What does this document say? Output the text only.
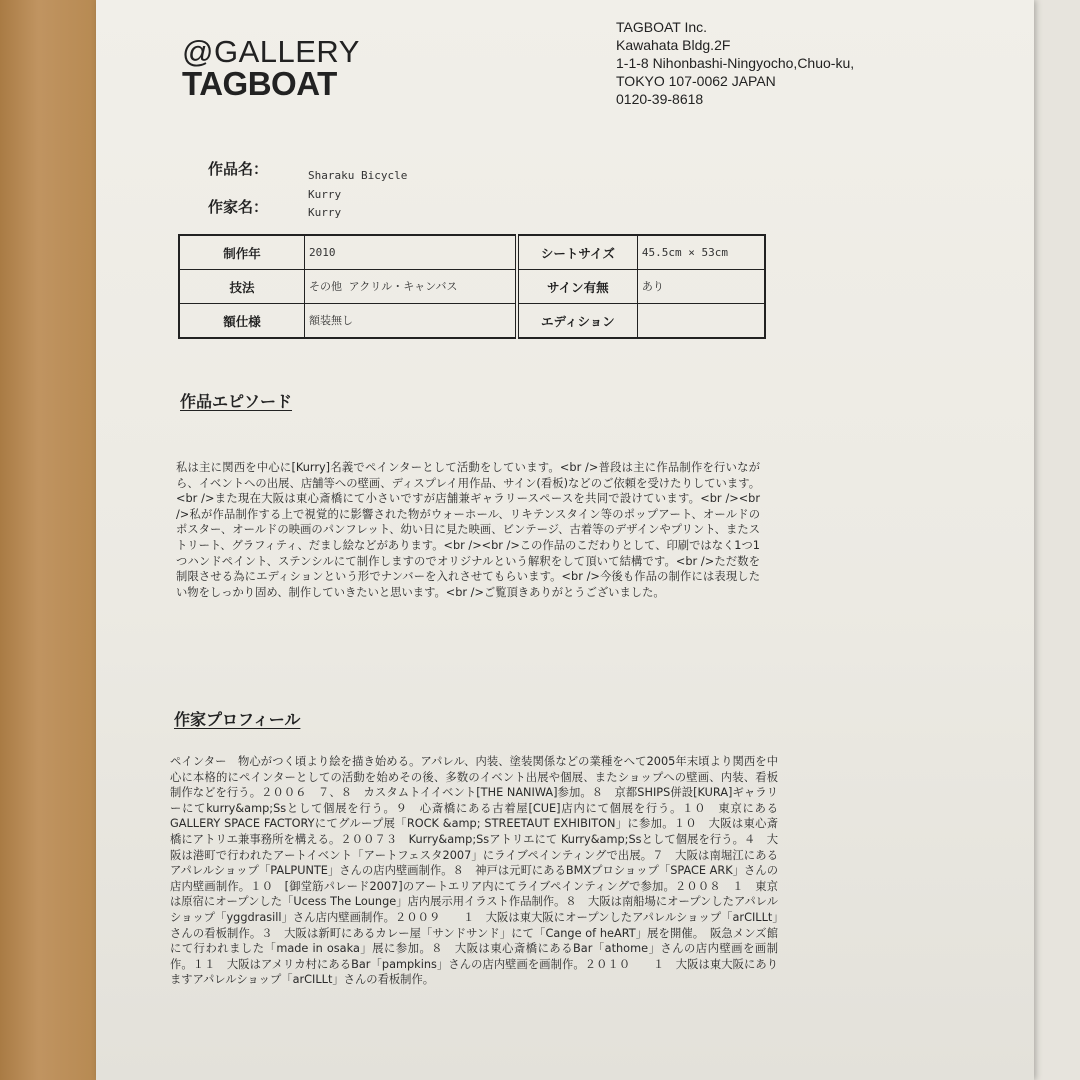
@GALLERY
TAGBOAT
TAGBOAT Inc.
Kawahata Bldg.2F
1-1-8 Nihonbashi-Ningyocho,Chuo-ku,
TOKYO 107-0062 JAPAN
0120-39-8618
作品名：	Sharaku Bicycle
作家名：
Kurry
Kurry
制作年	2010	シートサイズ	45.5cm × 53cm
技法	その他 アクリル・キャンバス	サイン有無	あり
額仕様	額装無し	エディション	
作品エピソード
私は主に関西を中心に[Kurry]名義でペインターとして活動をしています。<br />普段は主に作品制作を行いながら、イベントへの出展、店舗等への壁画、ディスプレイ用作品、サイン(看板)などのご依頼を受けたりしています。<br />また現在大阪は東心斎橋にて小さいですが店舗兼ギャラリースペースを共同で設けています。<br /><br />私が作品制作する上で視覚的に影響された物がウォーホール、リキテンスタイン等のポップアート、オールドのポスター、オールドの映画のパンフレット、幼い日に見た映画、ビンテージ、古着等のデザインやプリント、またストリート、グラフィティ、だまし絵などがあります。<br /><br />この作品のこだわりとして、印刷ではなく1つ1つハンドペイント、ステンシルにて制作しますのでオリジナルという解釈をして頂いて結構です。<br />ただ数を制限させる為にエディションという形でナンバーを入れさせてもらいます。<br />今後も作品の制作には表現したい物をしっかり固め、制作していきたいと思います。<br />ご覧頂きありがとうございました。
作家プロフィール
ペインター　物心がつく頃より絵を描き始める。アパレル、内装、塗装関係などの業種をへて2005年末頃より関西を中心に本格的にペインターとしての活動を始めその後、多数のイベント出展や個展、またショップへの壁画、内装、看板制作などを行う。２００６　７、８　カスタムトイイベント[THE NANIWA]参加。８　京都SHIPS併設[KURA]ギャラリーにてkurry&amp;Ssとして個展を行う。９　心斎橋にある古着屋[CUE]店内にて個展を行う。１０　東京にあるGALLERY SPACE FACTORYにてグループ展「ROCK &amp; STREETAUT EXHIBITON」に参加。１０　大阪は東心斎橋にアトリエ兼事務所を構える。２００７３　Kurry&amp;Ssアトリエにて Kurry&amp;Ssとして個展を行う。４　大阪は港町で行われたアートイベント「アートフェスタ2007」にライブペインティングで出展。７　大阪は南堀江にあるアパレルショップ「PALPUNTE」さんの店内壁画制作。８　神戸は元町にあるBMXプロショップ「SPACE ARK」さんの店内壁画制作。１０　[御堂筋パレード2007]のアートエリア内にてライブペインティングで参加。２００８　１　東京は原宿にオープンした「Ucess The Lounge」店内展示用イラスト作品制作。８　大阪は南船場にオープンしたアパレルショップ「yggdrasill」さん店内壁画制作。２００９　　１　大阪は東大阪にオープンしたアパレルショップ「arCILLt」さんの看板制作。３　大阪は新町にあるカレー屋「サンドサンド」にて「Cange of heART」展を開催。　阪急メンズ館にて行われました「made in osaka」展に参加。８　大阪は東心斎橋にあるBar「athome」さんの店内壁画を画制作。１１　大阪はアメリカ村にあるBar「pampkins」さんの店内壁画を画制作。２０１０　　１　大阪は東大阪にありますアパレルショップ「arCILLt」さんの看板制作。
